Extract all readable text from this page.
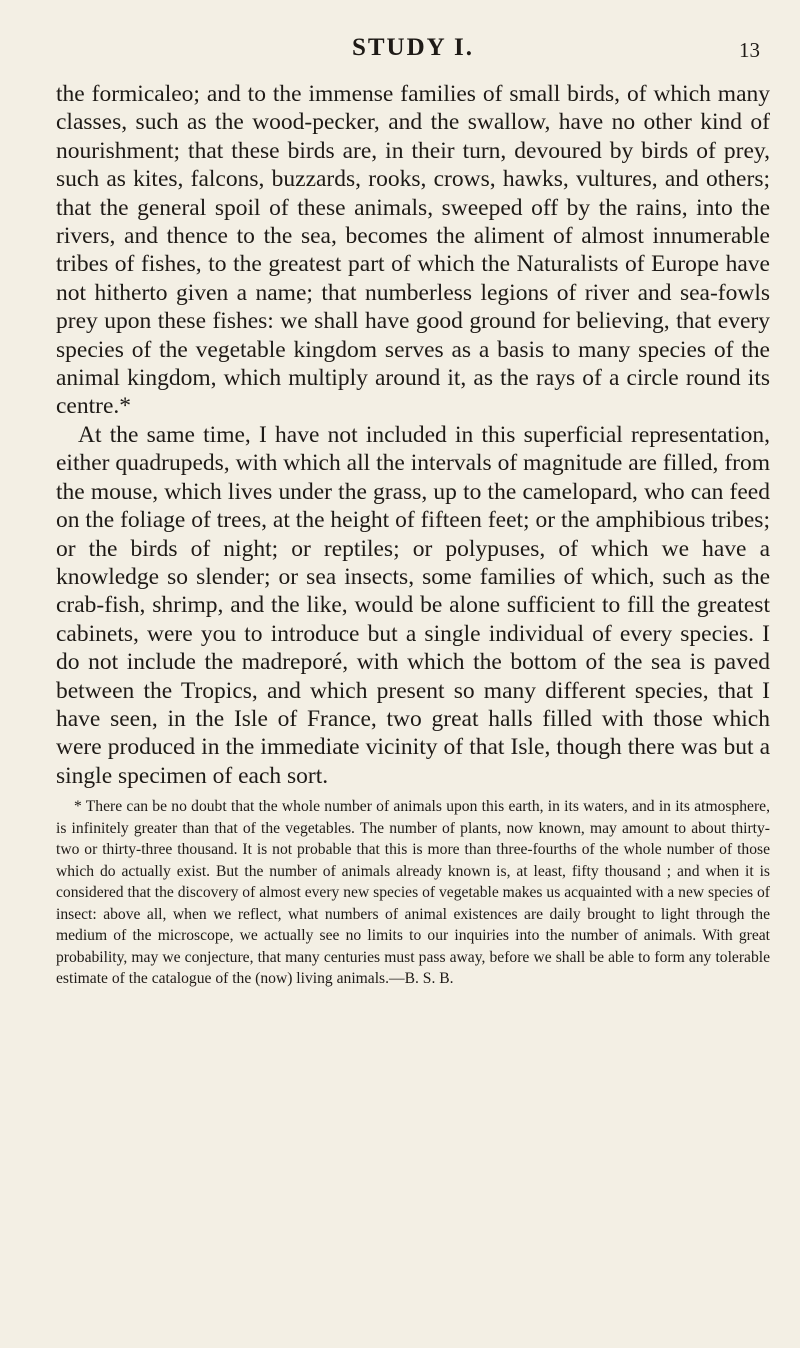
STUDY I.	13

the formicaleo; and to the immense families of small birds, of which many classes, such as the wood-pecker, and the swallow, have no other kind of nourishment; that these birds are, in their turn, devoured by birds of prey, such as kites, falcons, buzzards, rooks, crows, hawks, vultures, and others; that the general spoil of these animals, sweeped off by the rains, into the rivers, and thence to the sea, becomes the aliment of almost innumerable tribes of fishes, to the greatest part of which the Naturalists of Europe have not hitherto given a name; that numberless legions of river and sea-fowls prey upon these fishes: we shall have good ground for believing, that every species of the vegetable kingdom serves as a basis to many species of the animal kingdom, which multiply around it, as the rays of a circle round its centre.*

At the same time, I have not included in this superficial representation, either quadrupeds, with which all the intervals of magnitude are filled, from the mouse, which lives under the grass, up to the camelopard, who can feed on the foliage of trees, at the height of fifteen feet; or the amphibious tribes; or the birds of night; or reptiles; or polypuses, of which we have a knowledge so slender; or sea insects, some families of which, such as the crab-fish, shrimp, and the like, would be alone sufficient to fill the greatest cabinets, were you to introduce but a single individual of every species. I do not include the madreporé, with which the bottom of the sea is paved between the Tropics, and which present so many different species, that I have seen, in the Isle of France, two great halls filled with those which were produced in the immediate vicinity of that Isle, though there was but a single specimen of each sort.

* There can be no doubt that the whole number of animals upon this earth, in its waters, and in its atmosphere, is infinitely greater than that of the vegetables. The number of plants, now known, may amount to about thirty-two or thirty-three thousand. It is not probable that this is more than three-fourths of the whole number of those which do actually exist. But the number of animals already known is, at least, fifty thousand ; and when it is considered that the discovery of almost every new species of vegetable makes us acquainted with a new species of insect: above all, when we reflect, what numbers of animal existences are daily brought to light through the medium of the microscope, we actually see no limits to our inquiries into the number of animals. With great probability, may we conjecture, that many centuries must pass away, before we shall be able to form any tolerable estimate of the catalogue of the (now) living animals.—B. S. B.
